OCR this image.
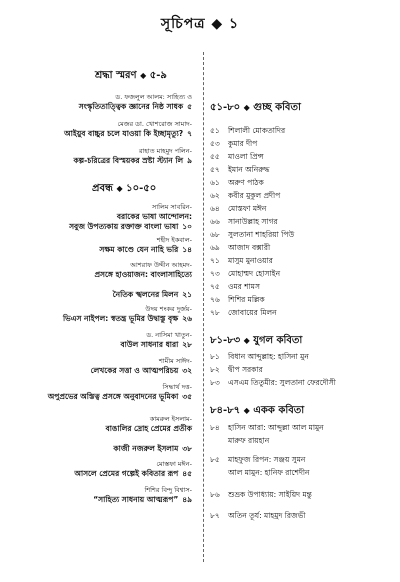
সূচিপত্র ◆ ১
শ্রদ্ধা স্মরণ ◆ ৫-৯
ড. ফজলুল আলম: সাহিত্য ও
সংস্কৃতিতাত্ত্বিক জ্ঞানের নিষ্ঠ সাধক ৫
মেজর ডা. খোশরোজ সামাদ-
আইয়ুব বাচ্চুর চলে যাওয়া কি ইচ্ছামৃত্যু? ৭
রাহাত মাহমুদ পলিন-
কল্প-চরিত্রের বিস্ময়কর স্রষ্টা স্ট্যান লি ৯
প্রবন্ধ ◆ ১০-৫০
সালিম সাবরিন-
বরাকের ভাষা আন্দোলন:
সবুজ উপত্যকায় রক্তাক্ত বাংলা ভাষা ১০
শহীদ ইকবাল-
সক্ষম কাণ্ডে যেন নাহি ভরি ১৪
আশরাফ উদ্দীন আহমদ-
প্রসঙ্গে হাওয়াজন: বাংলাসাহিত্যে
নৈতিক স্খলনের মিলন ২১
উদয় শংকর দুর্জয়-
ভিএস নাইপল: স্বতন্ত্র ভূমির উদ্বাস্তু বৃক্ষ ২৬
ড. নাসিমা খাতুন-
বাউল সাধনার ধারা ২৮
শামীম সাঈদ-
লেখকের সত্তা ও আত্মপরিচয় ৩২
সিদ্ধার্থ দত্ত-
অপুপ্রভের অস্তিত্ব প্রসঙ্গে অনুবাদনের ভূমিকা ৩৫
কামরুল ইসলাম-
বাঙালির দ্রোহ প্রেমের প্রতীক
কাজী নজরুল ইসলাম ৩৮
মোস্তফা মঈন-
আসলে প্রেমের গল্পেই কবিতার রূপ ৪৫
শিশির বিন্দু বিশ্বাস-
“সাহিত্য সাধনায় আত্মরূপ” ৪৯
৫১-৮০ ◆ গুচ্ছ কবিতা
৫১ শিলালী মোকতাদির
৫৩ কুমার দীপ
৫৫ মাওলা প্রিন্স
৫৭ ইমান অনিরুদ্ধ
৬১ অরুণ পাঠক
৬২ কবীর মুকুল প্রদীপ
৬৪ মোস্তফা মঈন
৬৬ সানাউল্লাহ সাগর
৬৮ সুলতানা শাহরিয়া পিউ
৬৯ আজাদ বক্সারী
৭১ মাসুম মুনাওয়ার
৭৩ মোহাম্মদ হোসাইন
৭৫ ওমর শামস
৭৬ শিশির মল্লিক
৭৮ জোবায়ের মিলন
৮১-৮৩ ◆ যুগল কবিতা
৮১ বিধান আব্দুল্লাহ: হাসিনা মুন
৮২ দ্বীপ সরকার
৮৩ এসএম তিতুমীর: সুলতানা ফেরদৌসী
৮৪-৮৭ ◆ একক কবিতা
৮৪ হাসিন আরা: আব্দুল্লা আল মামুন
মারুফ রায়হান
৮৫ মাহফুজ রিপন: সঞ্জয় সুমন
আল মামুন: হানিফ রাশেদীন
৮৬ শুভ্রক উপাধ্যায়: সাইয়িদ মন্তু
৮৭ অতিন তূর্য: মাহমুদ রিজভী
